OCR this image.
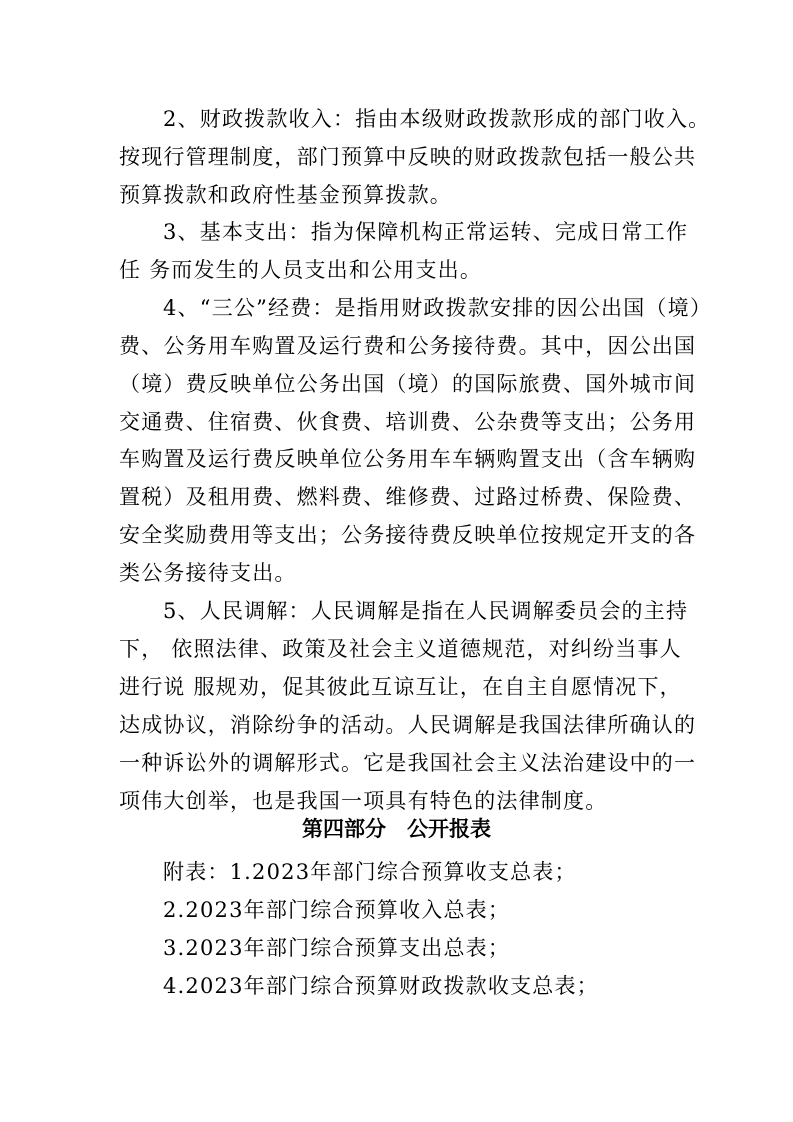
2、财政拨款收入：指由本级财政拨款形成的部门收入。
按现行管理制度，部门预算中反映的财政拨款包括一般公共
预算拨款和政府性基金预算拨款。
3、基本支出：指为保障机构正常运转、完成日常工作
任 务而发生的人员支出和公用支出。
4、“三公”经费：是指用财政拨款安排的因公出国（境）
费、公务用车购置及运行费和公务接待费。其中，因公出国
（境）费反映单位公务出国（境）的国际旅费、国外城市间
交通费、住宿费、伙食费、培训费、公杂费等支出；公务用
车购置及运行费反映单位公务用车车辆购置支出（含车辆购
置税）及租用费、燃料费、维修费、过路过桥费、保险费、
安全奖励费用等支出；公务接待费反映单位按规定开支的各
类公务接待支出。
5、人民调解：人民调解是指在人民调解委员会的主持
下， 依照法律、政策及社会主义道德规范，对纠纷当事人
进行说 服规劝，促其彼此互谅互让，在自主自愿情况下，
达成协议，消除纷争的活动。人民调解是我国法律所确认的
一种诉讼外的调解形式。它是我国社会主义法治建设中的一
项伟大创举，也是我国一项具有特色的法律制度。
第四部分　公开报表
附表：1.2023年部门综合预算收支总表；
2.2023年部门综合预算收入总表；
3.2023年部门综合预算支出总表；
4.2023年部门综合预算财政拨款收支总表；
